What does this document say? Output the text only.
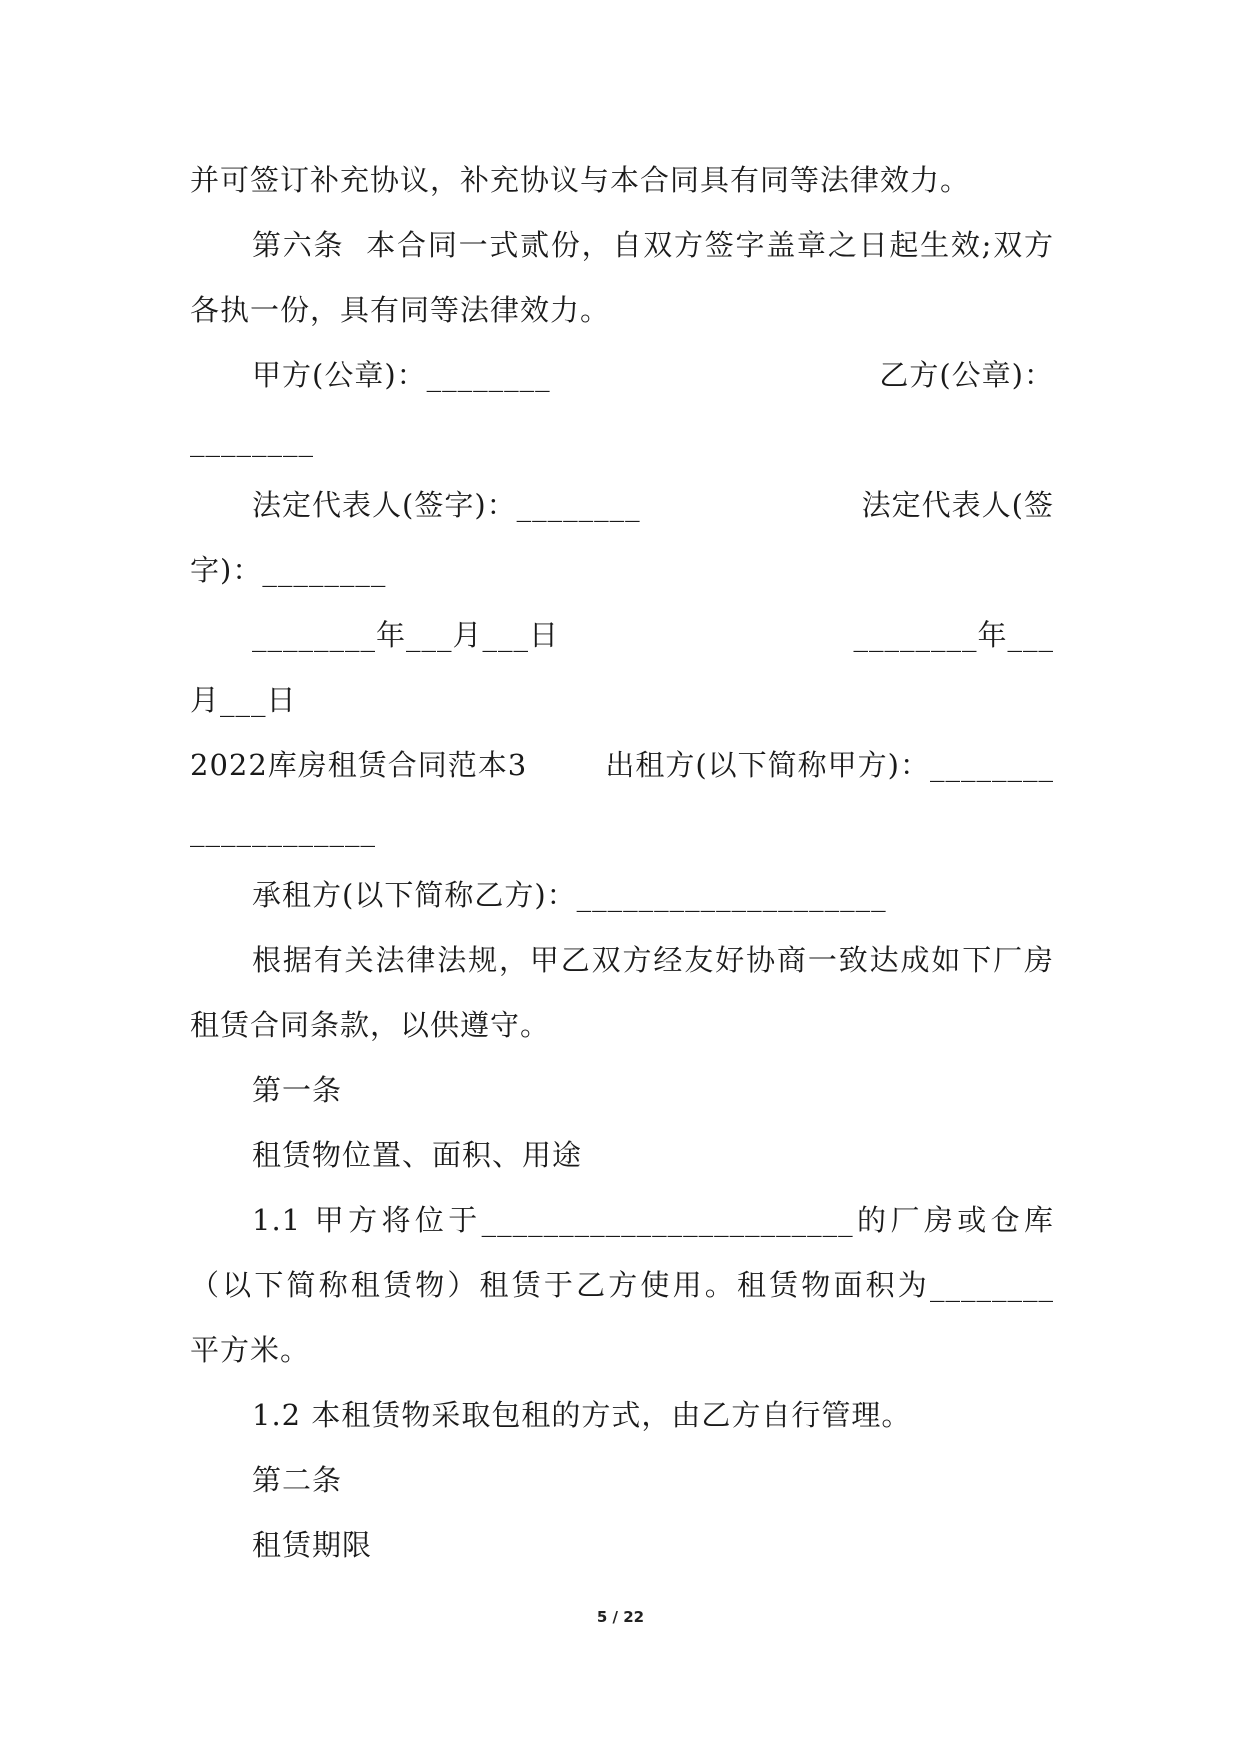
并可签订补充协议，补充协议与本合同具有同等法律效力。
第六条  本合同一式贰份，自双方签字盖章之日起生效;双方
各执一份，具有同等法律效力。
甲方(公章)：________	乙方(公章)：
________
法定代表人(签字)：________	法定代表人(签
字)：________
________年___月___日	________年___
月___日
2022库房租赁合同范本3	出租方(以下简称甲方)：________
____________
承租方(以下简称乙方)：____________________
根据有关法律法规，甲乙双方经友好协商一致达成如下厂房
租赁合同条款，以供遵守。
第一条
租赁物位置、面积、用途
1.1 甲方将位于________________________的厂房或仓库
（以下简称租赁物）租赁于乙方使用。租赁物面积为________
平方米。
1.2 本租赁物采取包租的方式，由乙方自行管理。
第二条
租赁期限
5 / 22
